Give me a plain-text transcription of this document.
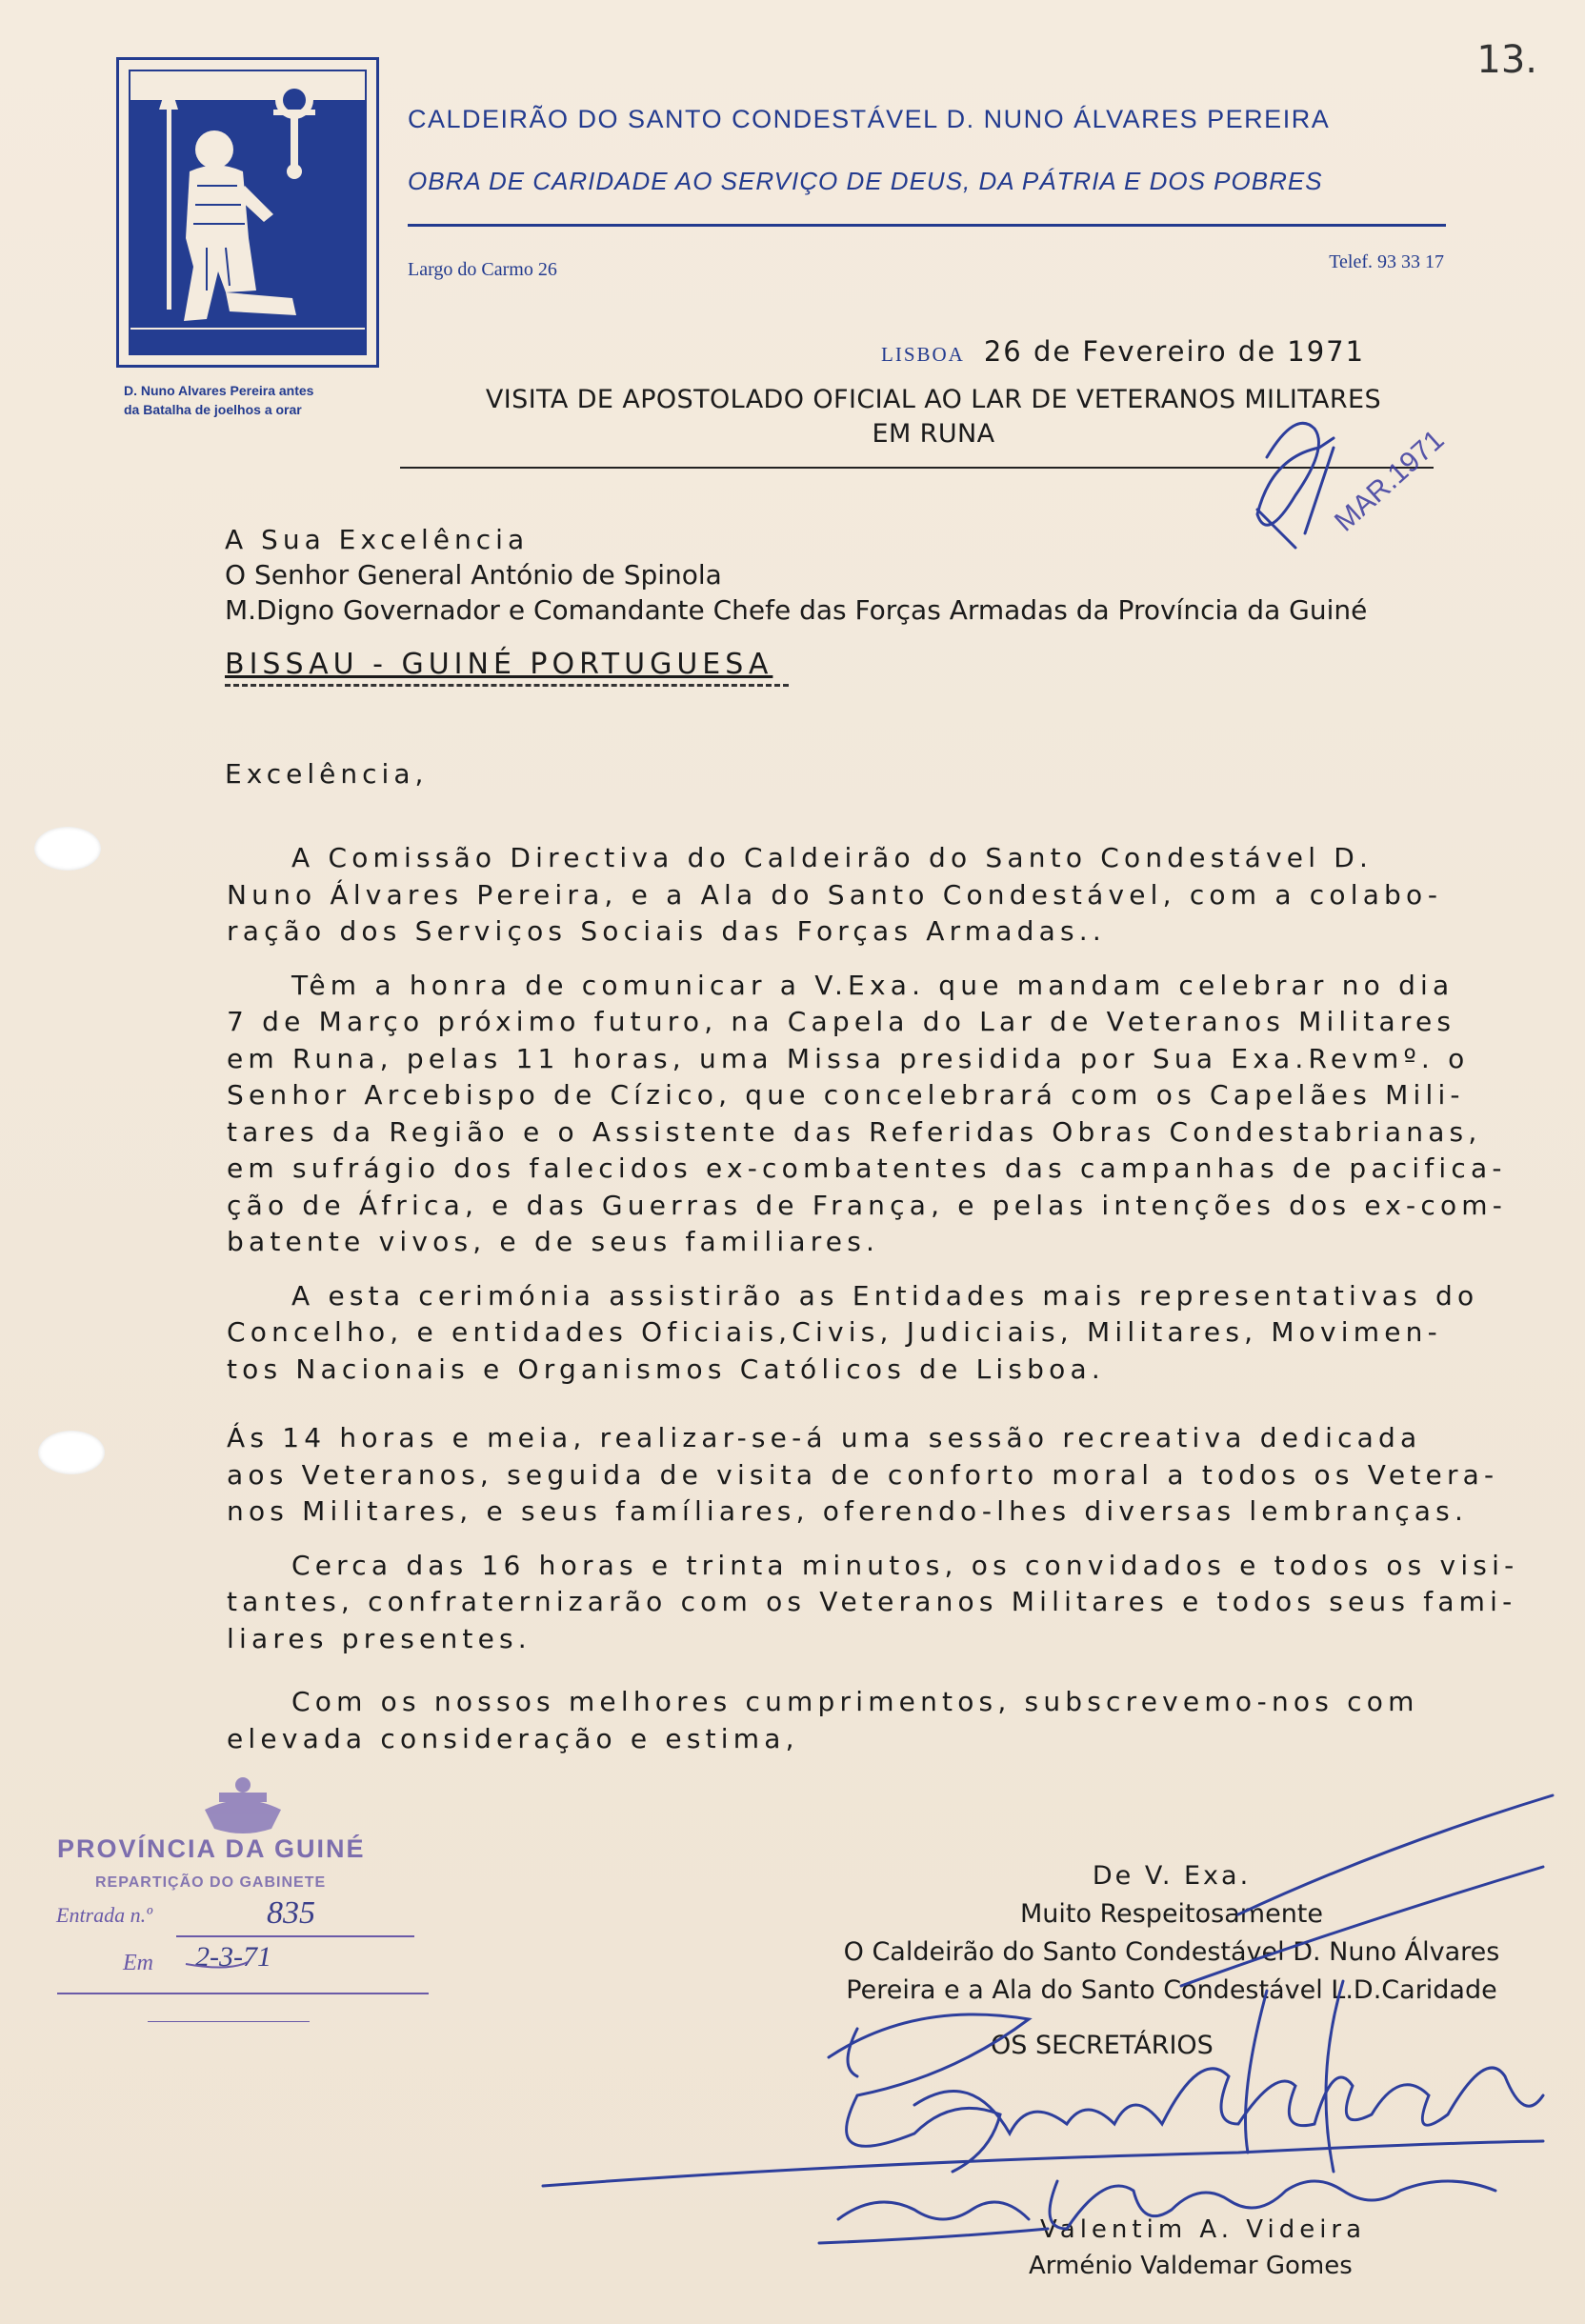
13.
D. Nuno Alvares Pereira antes
da Batalha de joelhos a orar
CALDEIRÃO DO SANTO CONDESTÁVEL D. NUNO ÁLVARES PEREIRA
OBRA DE CARIDADE AO SERVIÇO DE DEUS, DA PÁTRIA E DOS POBRES
Largo do Carmo 26	Telef. 93 33 17
LISBOA 26 de Fevereiro de 1971
VISITA DE APOSTOLADO OFICIAL AO LAR DE VETERANOS MILITARES
EM RUNA
A Sua Excelência
O Senhor General António de Spinola
M.Digno Governador e Comandante Chefe das Forças Armadas da Província da Guiné
BISSAU - GUINÉ PORTUGUESA
Excelência,
A Comissão Directiva do Caldeirão do Santo Condestável D.
Nuno Álvares Pereira, e a Ala do Santo Condestável, com a colabo-
ração dos Serviços Sociais das Forças Armadas..
Têm a honra de comunicar a V.Exa. que mandam celebrar no dia
7 de Março próximo futuro, na Capela do Lar de Veteranos Militares
em Runa, pelas 11 horas, uma Missa presidida por Sua Exa.Revmº. o
Senhor Arcebispo de Cízico, que concelebrará com os Capelães Mili-
tares da Região e o Assistente das Referidas Obras Condestabrianas,
em sufrágio dos falecidos ex-combatentes das campanhas de pacifica-
ção de África, e das Guerras de França, e pelas intenções dos ex-com-
batente vivos, e de seus familiares.
A esta cerimónia assistirão as Entidades mais representativas do
Concelho, e entidades Oficiais,Civis, Judiciais, Militares, Movimen-
tos Nacionais e Organismos Católicos de Lisboa.
Ás 14 horas e meia, realizar-se-á uma sessão recreativa dedicada
aos Veteranos, seguida de visita de conforto moral a todos os Vetera-
nos Militares, e seus famíliares, oferendo-lhes diversas lembranças.
Cerca das 16 horas e trinta minutos, os convidados e todos os visi-
tantes, confraternizarão com os Veteranos Militares e todos seus fami-
liares presentes.
Com os nossos melhores cumprimentos, subscrevemo-nos com
elevada consideração e estima,
PROVÍNCIA DA GUINÉ
REPARTIÇÃO DO GABINETE
Entrada n.º	835
Em 2-3-71
De V. Exa.
Muito Respeitosamente
O Caldeirão do Santo Condestável D. Nuno Álvares
Pereira e a Ala do Santo Condestável L.D.Caridade
OS SECRETÁRIOS
Valentim A. Videira
Arménio Valdemar Gomes
MAR.1971
